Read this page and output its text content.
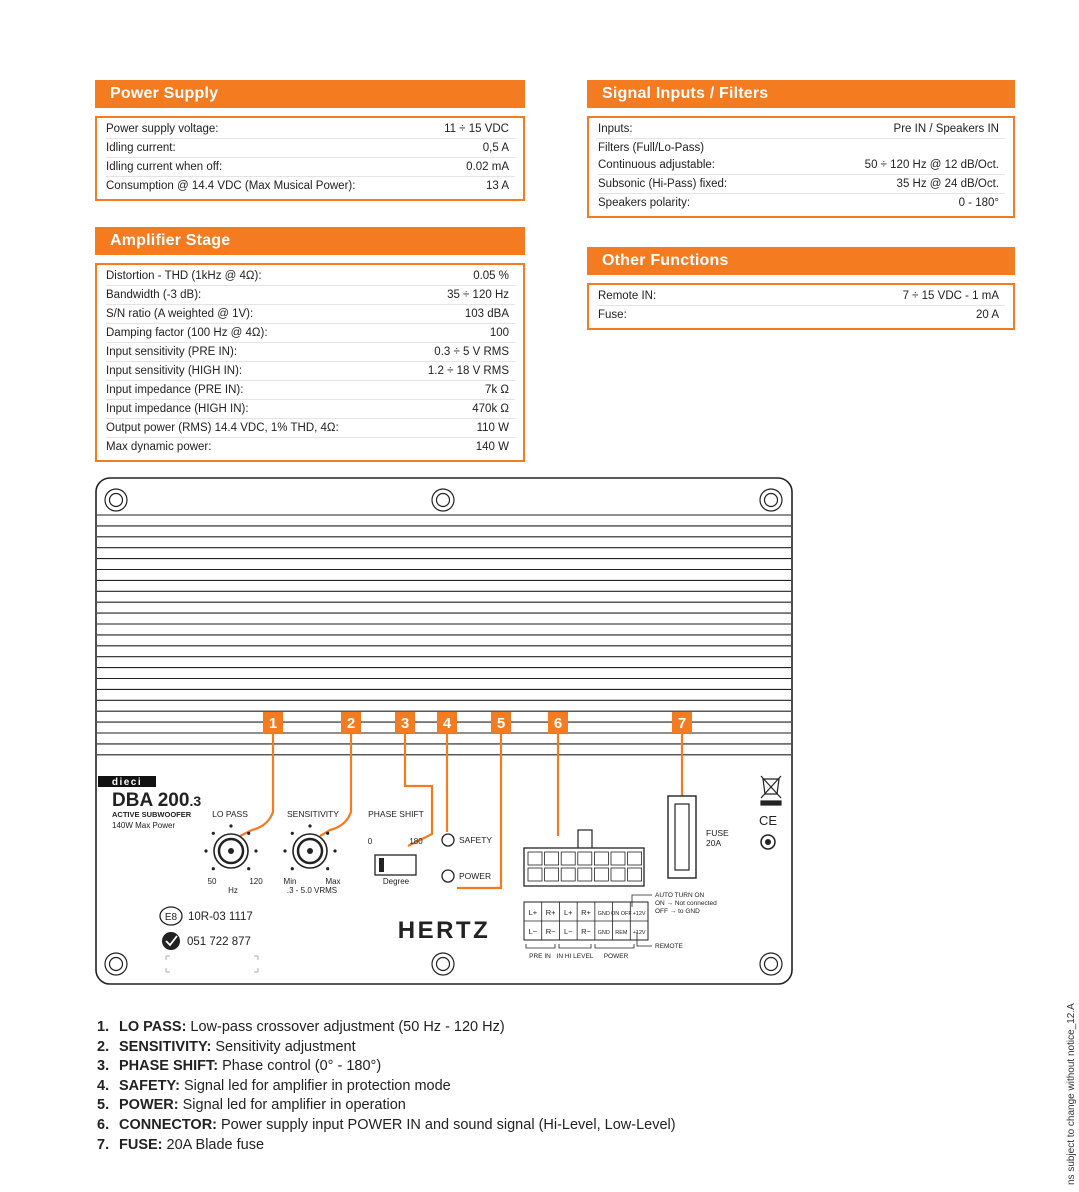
Power Supply
Power supply voltage:	11 ÷ 15 VDC
Idling current:	0,5 A
Idling current when off:	0.02 mA
Consumption @ 14.4 VDC (Max Musical Power):	13 A
Amplifier Stage
Distortion - THD (1kHz @ 4Ω):	0.05 %
Bandwidth (-3 dB):	35 ÷ 120 Hz
S/N ratio (A weighted @ 1V):	103 dBA
Damping factor (100 Hz @ 4Ω):	100
Input sensitivity (PRE IN):	0.3 ÷ 5 V RMS
Input sensitivity (HIGH IN):	1.2 ÷ 18 V RMS
Input impedance (PRE IN):	7k Ω
Input impedance (HIGH IN):	470k Ω
Output power (RMS) 14.4 VDC, 1% THD, 4Ω:	110 W
Max dynamic power:	140 W
Signal Inputs / Filters
Inputs:	Pre IN / Speakers IN
Filters (Full/Lo-Pass)
Continuous adjustable:	50 ÷ 120 Hz @ 12 dB/Oct.
Subsonic (Hi-Pass) fixed:	35 Hz @ 24 dB/Oct.
Speakers polarity:	0 - 180°
Other Functions
Remote IN:	7 ÷ 15 VDC - 1 mA
Fuse:	20 A
1	2	3 4	5	6	7
dieci
DBA 200.3
ACTIVE SUBWOOFER
140W Max Power
LO PASS
50	120
Hz
SENSITIVITY
Min	Max
.3 - 5.0 VRMS
PHASE SHIFT
0	180
Degree
SAFETY
POWER
FUSE
20A
CE
E8 10R-03 1117
051 722 877	HERTZ
L+ R+ L+ R+ GND ON OFF +12V
L− R− L− R− GND REM +12V
PRE IN IN HI LEVEL POWER
AUTO TURN ON
ON → Not connected
OFF → to GND
REMOTE
1. LO PASS: Low-pass crossover adjustment (50 Hz - 120 Hz)
2. SENSITIVITY: Sensitivity adjustment
3. PHASE SHIFT: Phase control (0° - 180°)
4. SAFETY: Signal led for amplifier in protection mode
5. POWER: Signal led for amplifier in operation
6. CONNECTOR: Power supply input POWER IN and sound signal (Hi-Level, Low-Level)
7. FUSE: 20A Blade fuse	ns subject to change without notice_12.A
